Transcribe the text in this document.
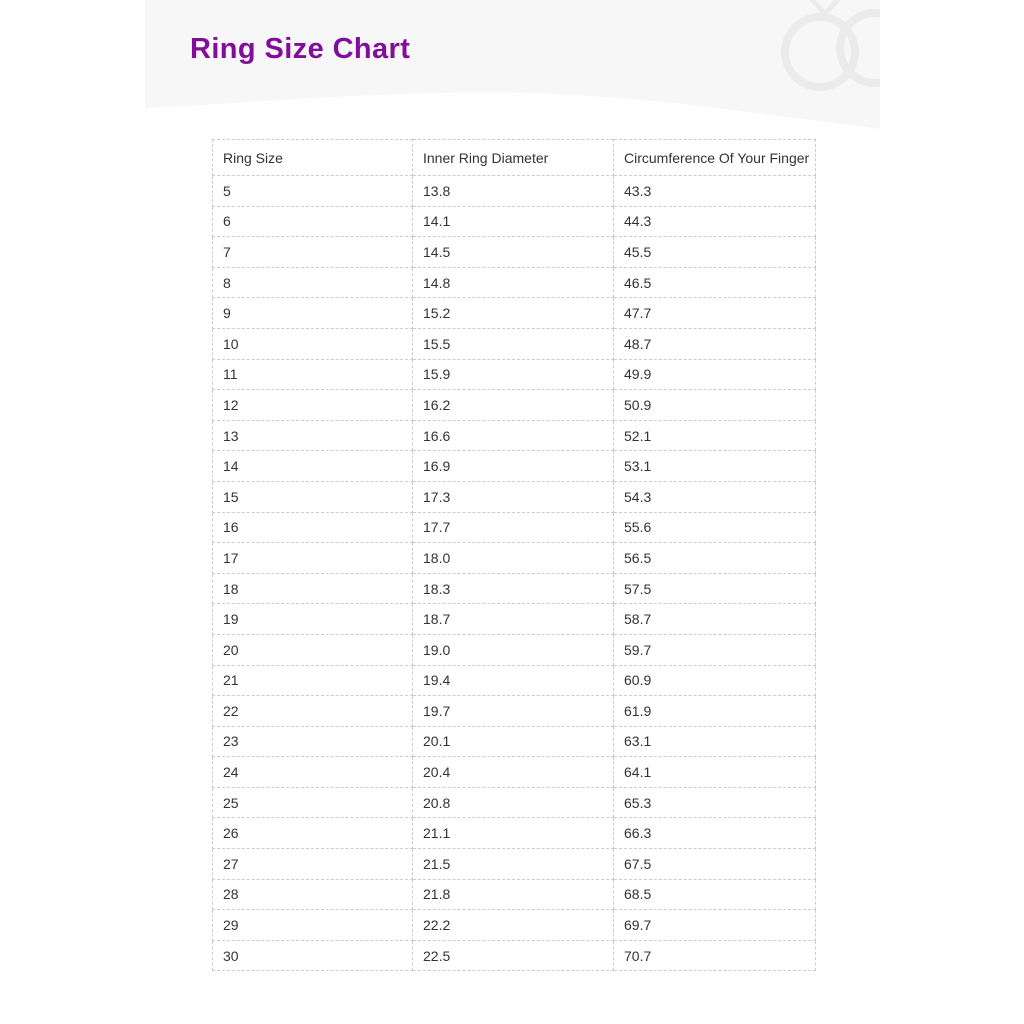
Ring Size Chart
Ring Size	Inner Ring Diameter	Circumference Of Your Finger
5	13.8	43.3
6	14.1	44.3
7	14.5	45.5
8	14.8	46.5
9	15.2	47.7
10	15.5	48.7
11	15.9	49.9
12	16.2	50.9
13	16.6	52.1
14	16.9	53.1
15	17.3	54.3
16	17.7	55.6
17	18.0	56.5
18	18.3	57.5
19	18.7	58.7
20	19.0	59.7
21	19.4	60.9
22	19.7	61.9
23	20.1	63.1
24	20.4	64.1
25	20.8	65.3
26	21.1	66.3
27	21.5	67.5
28	21.8	68.5
29	22.2	69.7
30	22.5	70.7
